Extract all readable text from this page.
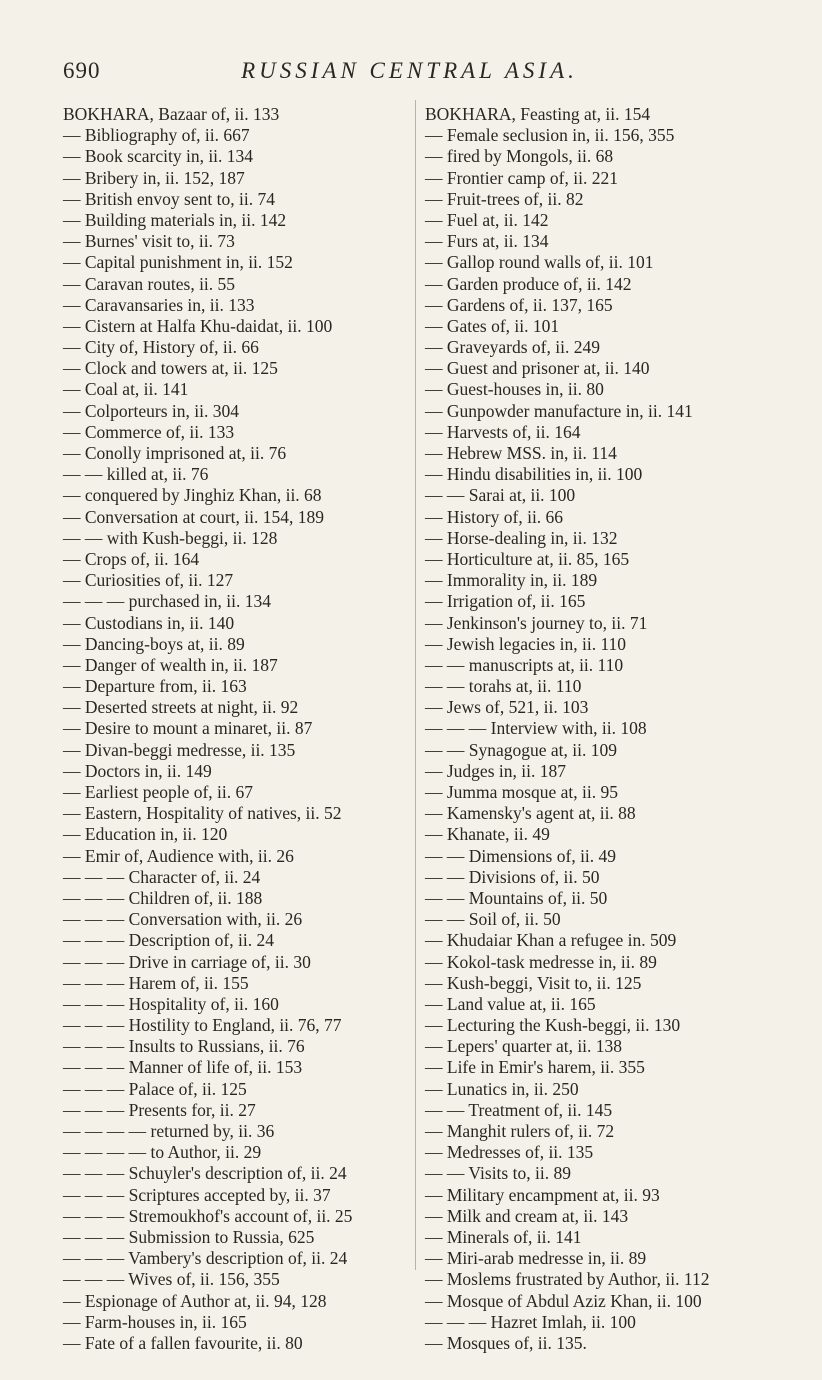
690	RUSSIAN CENTRAL ASIA.
BOKHARA, Bazaar of, ii. 133
— Bibliography of, ii. 667
— Book scarcity in, ii. 134
— Bribery in, ii. 152, 187
— British envoy sent to, ii. 74
— Building materials in, ii. 142
— Burnes' visit to, ii. 73
— Capital punishment in, ii. 152
— Caravan routes, ii. 55
— Caravansaries in, ii. 133
— Cistern at Halfa Khu-daidat, ii. 100
— City of, History of, ii. 66
— Clock and towers at, ii. 125
— Coal at, ii. 141
— Colporteurs in, ii. 304
— Commerce of, ii. 133
— Conolly imprisoned at, ii. 76
— — killed at, ii. 76
— conquered by Jinghiz Khan, ii. 68
— Conversation at court, ii. 154, 189
— — with Kush-beggi, ii. 128
— Crops of, ii. 164
— Curiosities of, ii. 127
— — — purchased in, ii. 134
— Custodians in, ii. 140
— Dancing-boys at, ii. 89
— Danger of wealth in, ii. 187
— Departure from, ii. 163
— Deserted streets at night, ii. 92
— Desire to mount a minaret, ii. 87
— Divan-beggi medresse, ii. 135
— Doctors in, ii. 149
— Earliest people of, ii. 67
— Eastern, Hospitality of natives, ii. 52
— Education in, ii. 120
— Emir of, Audience with, ii. 26
— — — Character of, ii. 24
— — — Children of, ii. 188
— — — Conversation with, ii. 26
— — — Description of, ii. 24
— — — Drive in carriage of, ii. 30
— — — Harem of, ii. 155
— — — Hospitality of, ii. 160
— — — Hostility to England, ii. 76, 77
— — — Insults to Russians, ii. 76
— — — Manner of life of, ii. 153
— — — Palace of, ii. 125
— — — Presents for, ii. 27
— — — — returned by, ii. 36
— — — — to Author, ii. 29
— — — Schuyler's description of, ii. 24
— — — Scriptures accepted by, ii. 37
— — — Stremoukhof's account of, ii. 25
— — — Submission to Russia, 625
— — — Vambery's description of, ii. 24
— — — Wives of, ii. 156, 355
— Espionage of Author at, ii. 94, 128
— Farm-houses in, ii. 165
— Fate of a fallen favourite, ii. 80
BOKHARA, Feasting at, ii. 154
— Female seclusion in, ii. 156, 355
— fired by Mongols, ii. 68
— Frontier camp of, ii. 221
— Fruit-trees of, ii. 82
— Fuel at, ii. 142
— Furs at, ii. 134
— Gallop round walls of, ii. 101
— Garden produce of, ii. 142
— Gardens of, ii. 137, 165
— Gates of, ii. 101
— Graveyards of, ii. 249
— Guest and prisoner at, ii. 140
— Guest-houses in, ii. 80
— Gunpowder manufacture in, ii. 141
— Harvests of, ii. 164
— Hebrew MSS. in, ii. 114
— Hindu disabilities in, ii. 100
— — Sarai at, ii. 100
— History of, ii. 66
— Horse-dealing in, ii. 132
— Horticulture at, ii. 85, 165
— Immorality in, ii. 189
— Irrigation of, ii. 165
— Jenkinson's journey to, ii. 71
— Jewish legacies in, ii. 110
— — manuscripts at, ii. 110
— — torahs at, ii. 110
— Jews of, 521, ii. 103
— — — Interview with, ii. 108
— — Synagogue at, ii. 109
— Judges in, ii. 187
— Jumma mosque at, ii. 95
— Kamensky's agent at, ii. 88
— Khanate, ii. 49
— — Dimensions of, ii. 49
— — Divisions of, ii. 50
— — Mountains of, ii. 50
— — Soil of, ii. 50
— Khudaiar Khan a refugee in. 509
— Kokol-task medresse in, ii. 89
— Kush-beggi, Visit to, ii. 125
— Land value at, ii. 165
— Lecturing the Kush-beggi, ii. 130
— Lepers' quarter at, ii. 138
— Life in Emir's harem, ii. 355
— Lunatics in, ii. 250
— — Treatment of, ii. 145
— Manghit rulers of, ii. 72
— Medresses of, ii. 135
— — Visits to, ii. 89
— Military encampment at, ii. 93
— Milk and cream at, ii. 143
— Minerals of, ii. 141
— Miri-arab medresse in, ii. 89
— Moslems frustrated by Author, ii. 112
— Mosque of Abdul Aziz Khan, ii. 100
— — — Hazret Imlah, ii. 100
— Mosques of, ii. 135.
